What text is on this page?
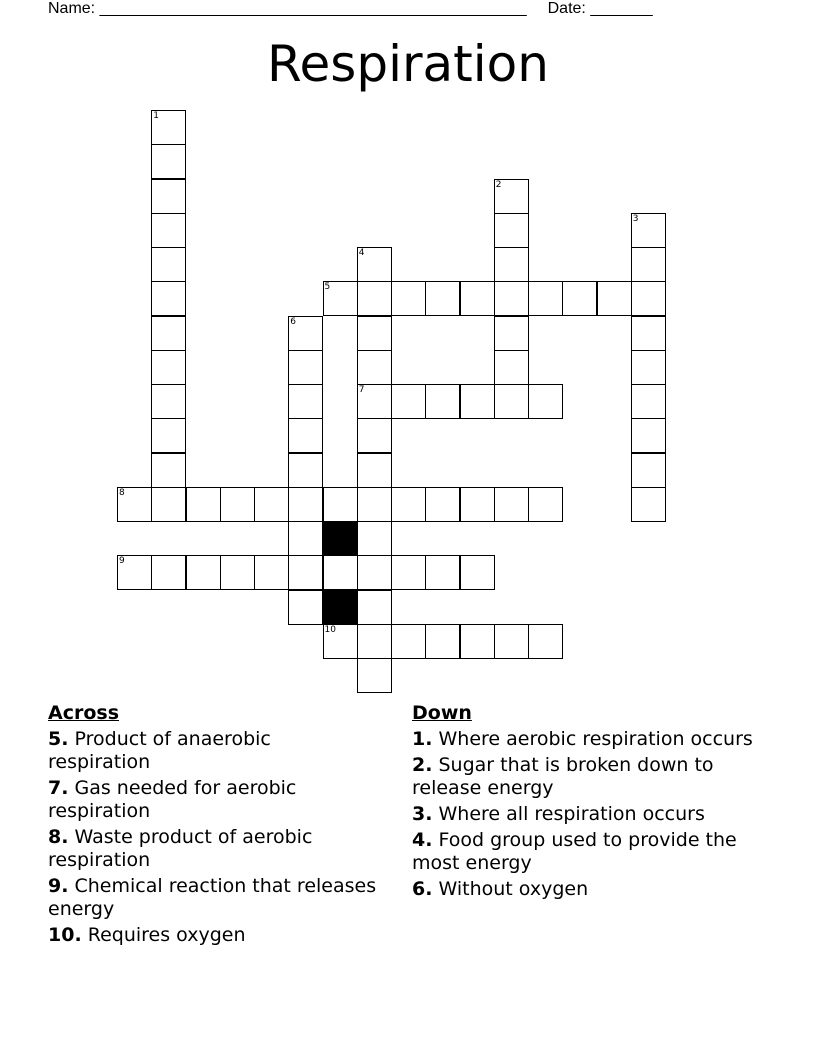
Name: ________________________________________________ Date: _______
Respiration
1
2
3
4
7
5
6
8
9
10
Across
5. Product of anaerobic respiration
7. Gas needed for aerobic respiration
8. Waste product of aerobic respiration
9. Chemical reaction that releases energy
10. Requires oxygen
Down
1. Where aerobic respiration occurs
2. Sugar that is broken down to release energy
3. Where all respiration occurs
4. Food group used to provide the most energy
6. Without oxygen
